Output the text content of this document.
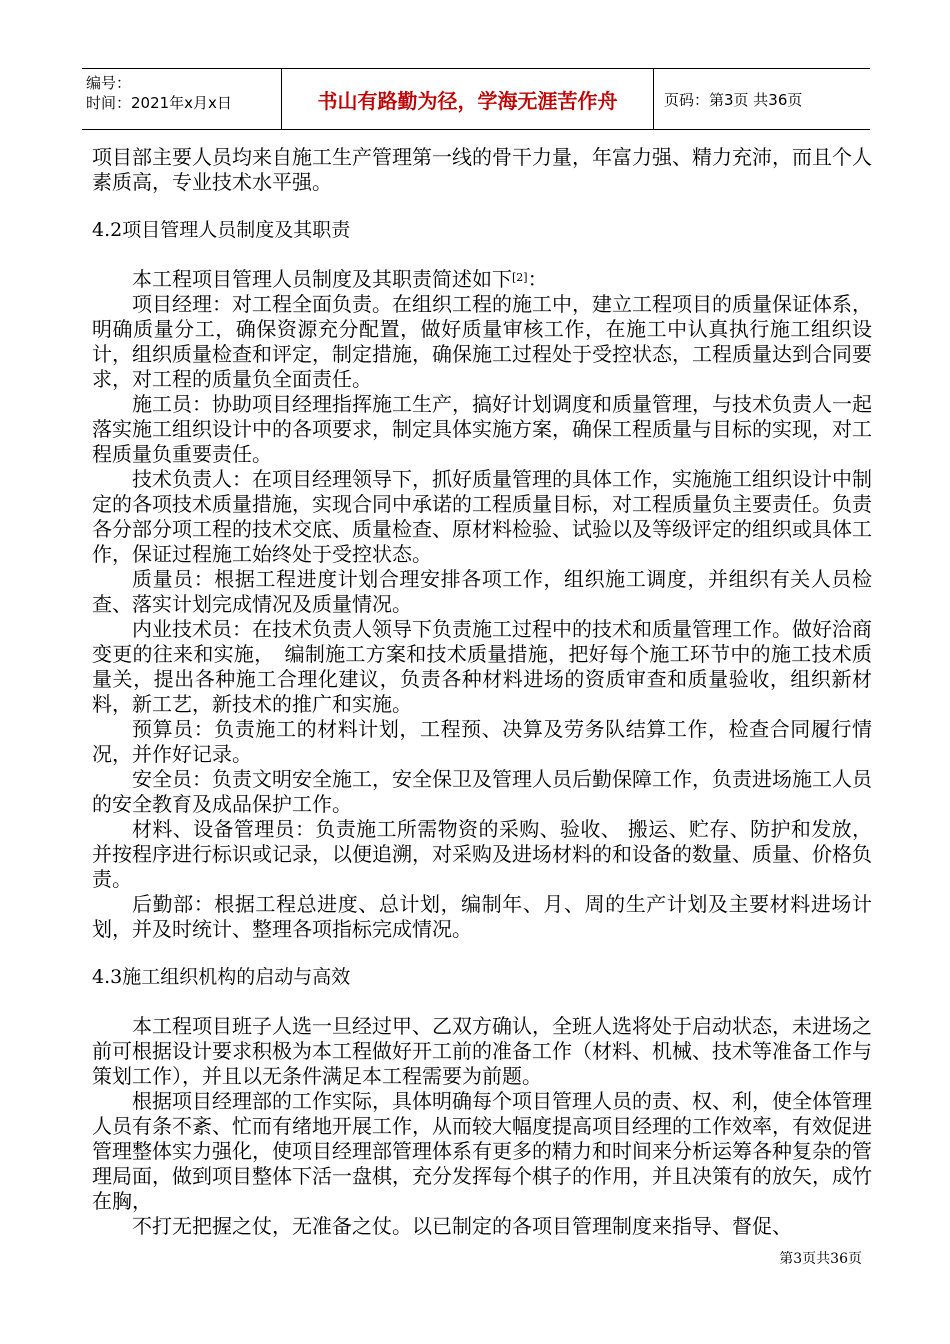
编号：
时间：2021年x月x日	书山有路勤为径，学海无涯苦作舟	页码：第3页 共36页

项目部主要人员均来自施工生产管理第一线的骨干力量，年富力强、精力充沛，而且个人素质高，专业技术水平强。

4.2项目管理人员制度及其职责

本工程项目管理人员制度及其职责简述如下[2]：

项目经理：对工程全面负责。在组织工程的施工中，建立工程项目的质量保证体系，明确质量分工，确保资源充分配置，做好质量审核工作，在施工中认真执行施工组织设计，组织质量检查和评定，制定措施，确保施工过程处于受控状态，工程质量达到合同要求，对工程的质量负全面责任。

施工员：协助项目经理指挥施工生产，搞好计划调度和质量管理，与技术负责人一起落实施工组织设计中的各项要求，制定具体实施方案，确保工程质量与目标的实现，对工程质量负重要责任。

技术负责人：在项目经理领导下，抓好质量管理的具体工作，实施施工组织设计中制定的各项技术质量措施，实现合同中承诺的工程质量目标，对工程质量负主要责任。负责各分部分项工程的技术交底、质量检查、原材料检验、试验以及等级评定的组织或具体工作，保证过程施工始终处于受控状态。

质量员：根据工程进度计划合理安排各项工作，组织施工调度，并组织有关人员检查、落实计划完成情况及质量情况。

内业技术员：在技术负责人领导下负责施工过程中的技术和质量管理工作。做好洽商变更的往来和实施，　编制施工方案和技术质量措施，把好每个施工环节中的施工技术质量关，提出各种施工合理化建议，负责各种材料进场的资质审查和质量验收，组织新材料，新工艺，新技术的推广和实施。

预算员：负责施工的材料计划，工程预、决算及劳务队结算工作，检查合同履行情况，并作好记录。

安全员：负责文明安全施工，安全保卫及管理人员后勤保障工作，负责进场施工人员的安全教育及成品保护工作。

材料、设备管理员：负责施工所需物资的采购、验收、 搬运、贮存、防护和发放，并按程序进行标识或记录，以便追溯，对采购及进场材料的和设备的数量、质量、价格负责。

后勤部：根据工程总进度、总计划，编制年、月、周的生产计划及主要材料进场计划，并及时统计、整理各项指标完成情况。

4.3施工组织机构的启动与高效

本工程项目班子人选一旦经过甲、乙双方确认，全班人选将处于启动状态，未进场之前可根据设计要求积极为本工程做好开工前的准备工作（材料、机械、技术等准备工作与策划工作），并且以无条件满足本工程需要为前题。

根据项目经理部的工作实际，具体明确每个项目管理人员的责、权、利，使全体管理人员有条不紊、忙而有绪地开展工作，从而较大幅度提高项目经理的工作效率，有效促进管理整体实力强化，使项目经理部管理体系有更多的精力和时间来分析运筹各种复杂的管理局面，做到项目整体下活一盘棋，充分发挥每个棋子的作用，并且决策有的放矢，成竹在胸，

不打无把握之仗，无准备之仗。以已制定的各项目管理制度来指导、督促、

第3页共36页
